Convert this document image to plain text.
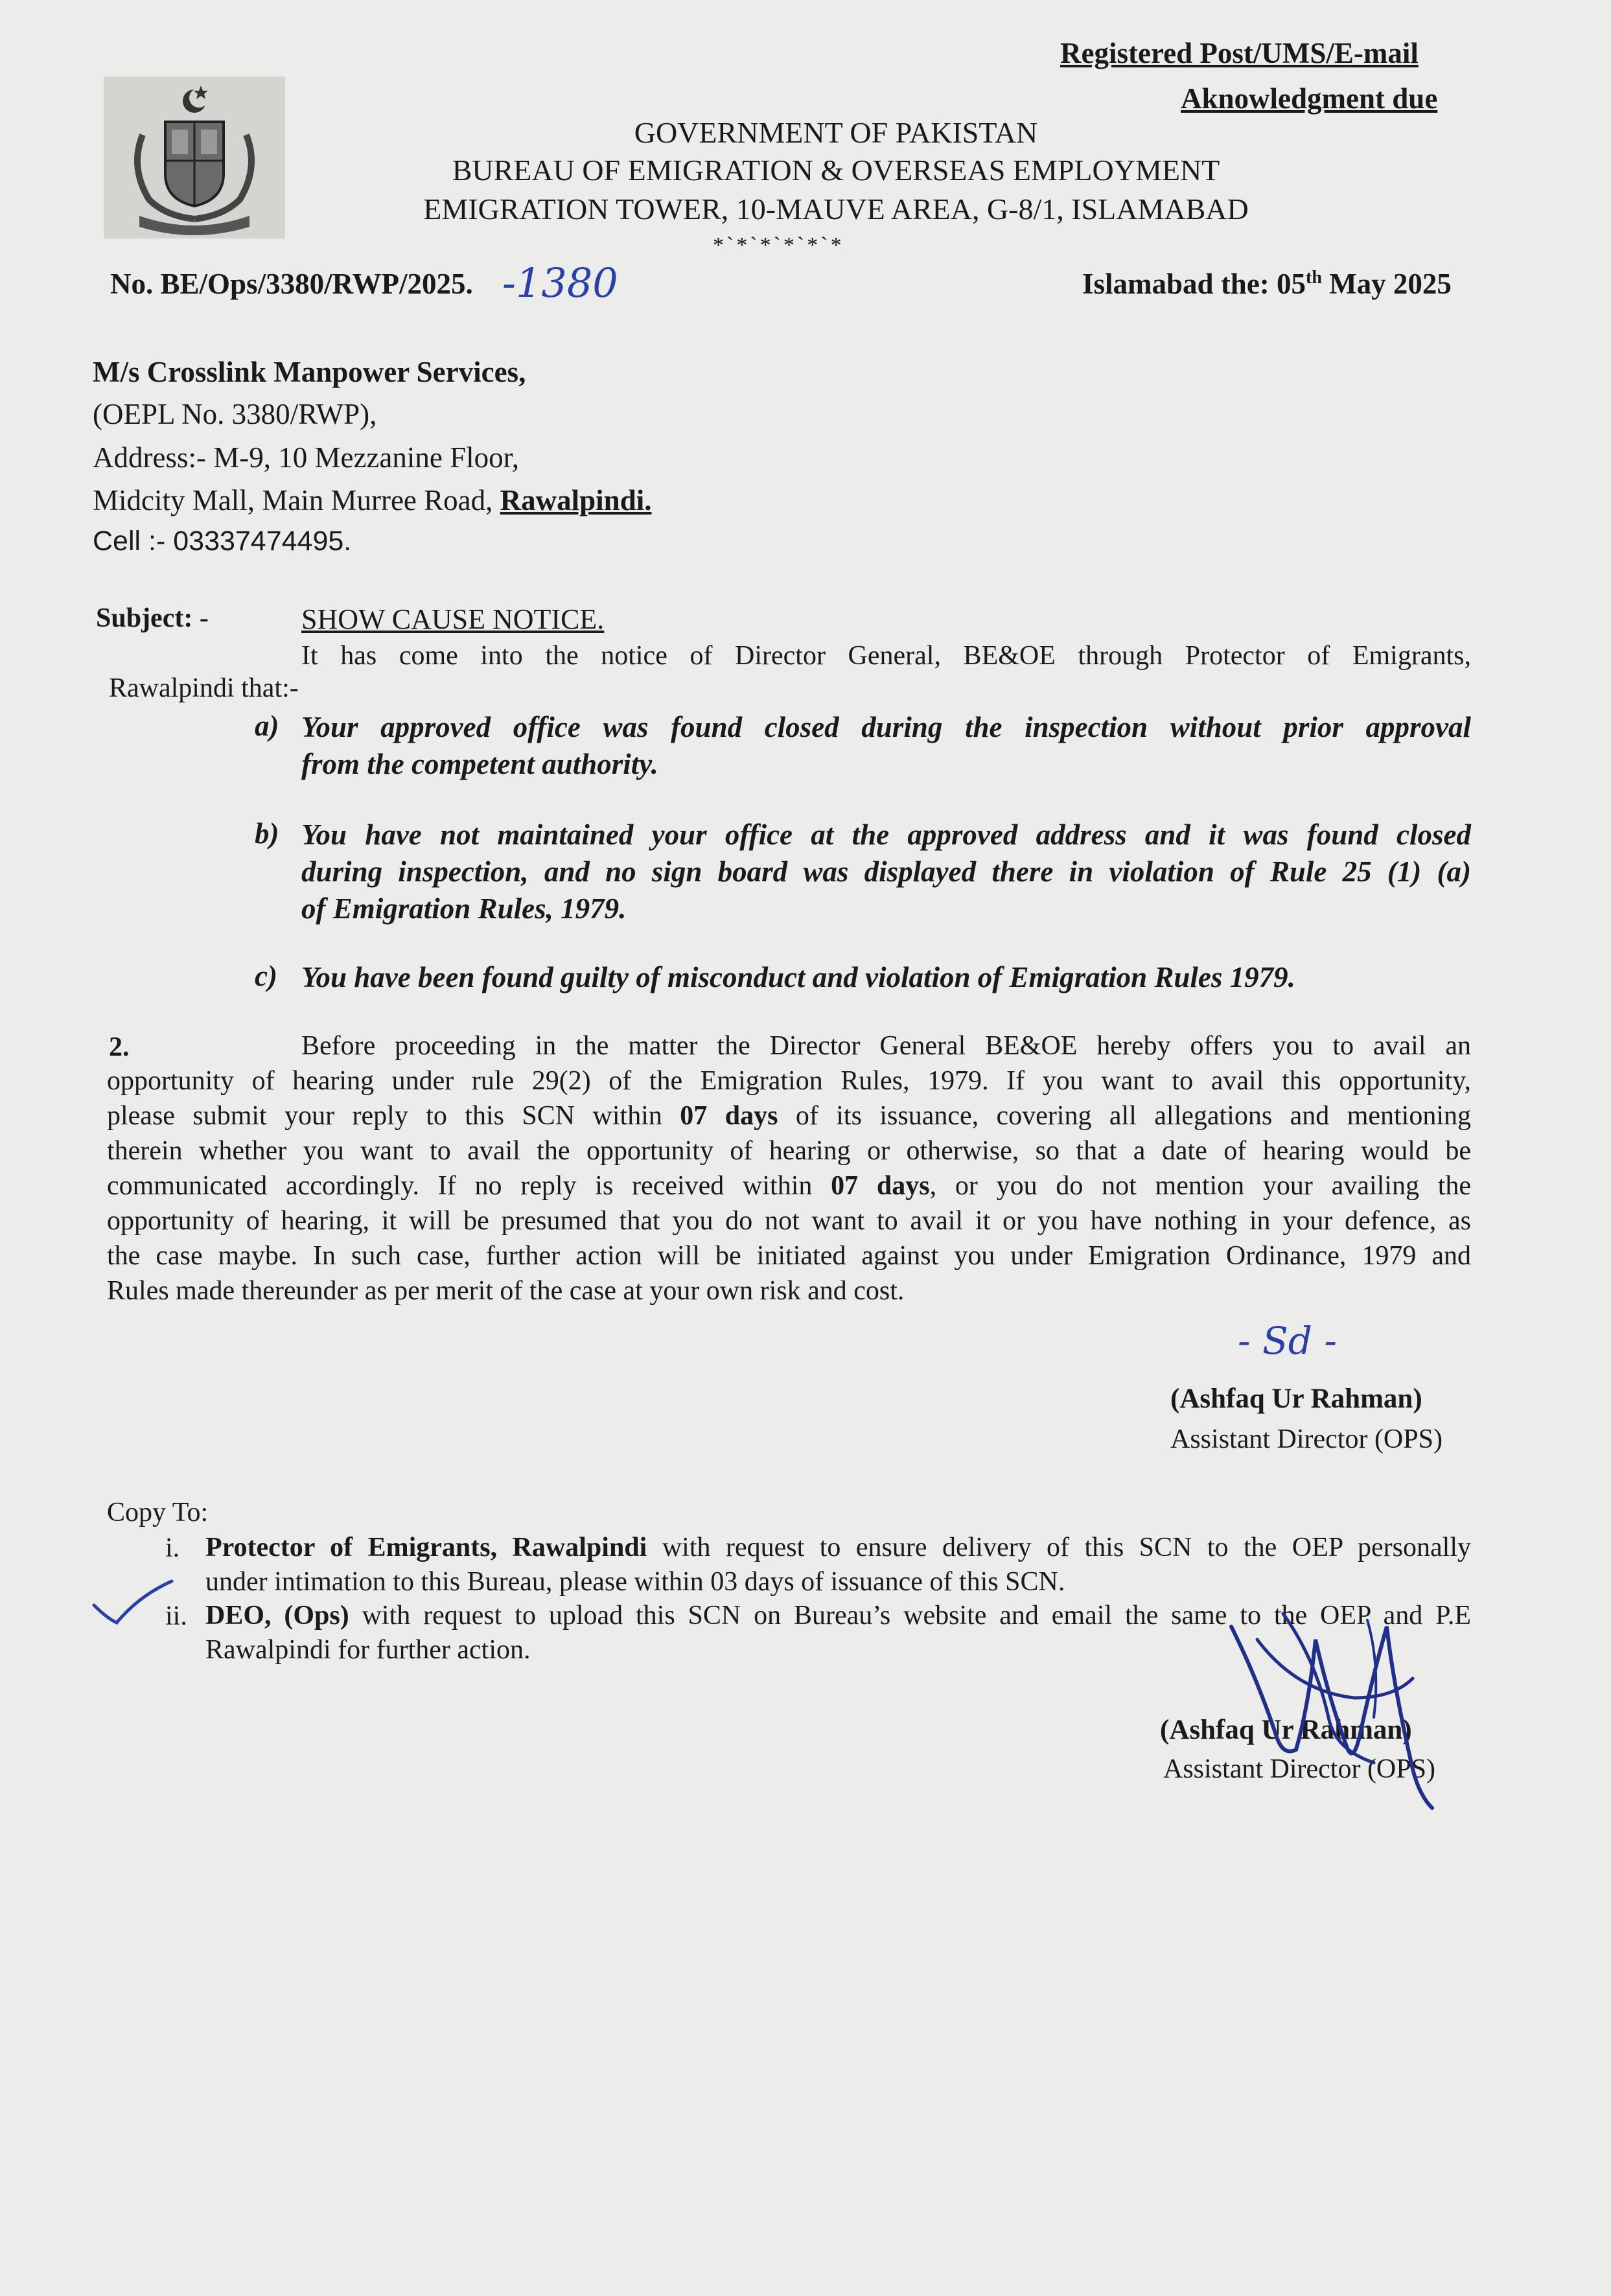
Registered Post/UMS/E-mail
Aknowledgment due
GOVERNMENT OF PAKISTAN
BUREAU OF EMIGRATION & OVERSEAS EMPLOYMENT
EMIGRATION TOWER, 10-MAUVE AREA, G-8/1, ISLAMABAD
*`*`*`*`*`*
No. BE/Ops/3380/RWP/2025. -1380	Islamabad the: 05th May 2025
M/s Crosslink Manpower Services,
(OEPL No. 3380/RWP),
Address:- M-9, 10 Mezzanine Floor,
Midcity Mall, Main Murree Road, Rawalpindi.
Cell :- 03337474495.
Subject: -	SHOW CAUSE NOTICE.
It has come into the notice of Director General, BE&OE through Protector of Emigrants,
Rawalpindi that:-
a) Your approved office was found closed during the inspection without prior approval
from the competent authority.
b) You have not maintained your office at the approved address and it was found closed
during inspection, and no sign board was displayed there in violation of Rule 25 (1) (a)
of Emigration Rules, 1979.
c) You have been found guilty of misconduct and violation of Emigration Rules 1979.
2.	Before proceeding in the matter the Director General BE&OE hereby offers you to avail an
opportunity of hearing under rule 29(2) of the Emigration Rules, 1979. If you want to avail this opportunity,
please submit your reply to this SCN within 07 days of its issuance, covering all allegations and mentioning
therein whether you want to avail the opportunity of hearing or otherwise, so that a date of hearing would be
communicated accordingly. If no reply is received within 07 days, or you do not mention your availing the
opportunity of hearing, it will be presumed that you do not want to avail it or you have nothing in your defence, as
the case maybe. In such case, further action will be initiated against you under Emigration Ordinance, 1979 and
Rules made thereunder as per merit of the case at your own risk and cost.
- Sd -
(Ashfaq Ur Rahman)
Assistant Director (OPS)
Copy To:
i. Protector of Emigrants, Rawalpindi with request to ensure delivery of this SCN to the OEP personally
under intimation to this Bureau, please within 03 days of issuance of this SCN.
ii. DEO, (Ops) with request to upload this SCN on Bureau’s website and email the same to the OEP and P.E
Rawalpindi for further action.
(Ashfaq Ur Rahman)
Assistant Director (OPS)
